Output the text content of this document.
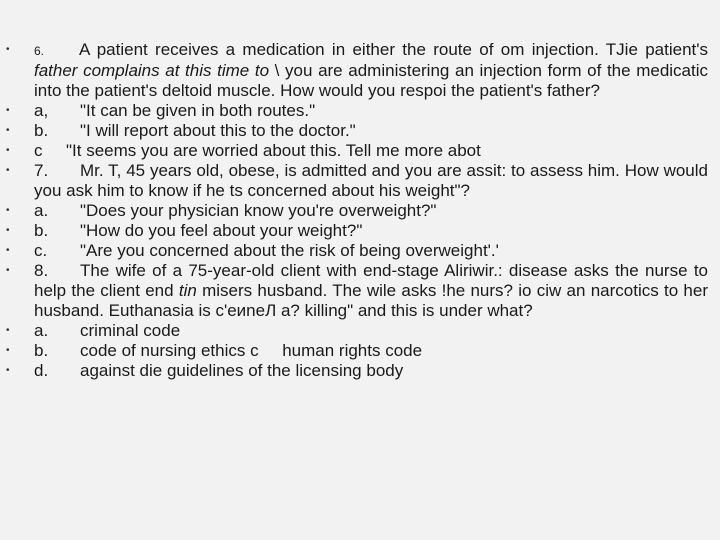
•	6. A patient receives a medication in either the route of om injection. TJie patient's father complains at this time to \ you are administering an injection form of the medicatic into the patient's deltoid muscle. How would you respoi the patient's father?
•	a, "It can be given in both routes."
•	b. "I will report about this to the doctor."
•	c "It seems you are worried about this. Tell me more abot
•	7. Mr. T, 45 years old, obese, is admitted and you are assit: to assess him. How would you ask him to know if he ts concerned about his weight"?
•	a. "Does your physician know you're overweight?"
•	b. "How do you feel about your weight?"
•	c. "Are you concerned about the risk of being overweight'.'
•	8. The wife of a 75-year-old client with end-stage Aliriwir.: disease asks the nurse to help the client end tin misers husband. The wile asks !he nurs? io ciw an narcotics to her husband. Euthanasia is c'еиnеЛ а? killing" and this is under what?
•	a. criminal code
•	b. code of nursing ethics c     human rights code
•	d. against die guidelines of the licensing body
